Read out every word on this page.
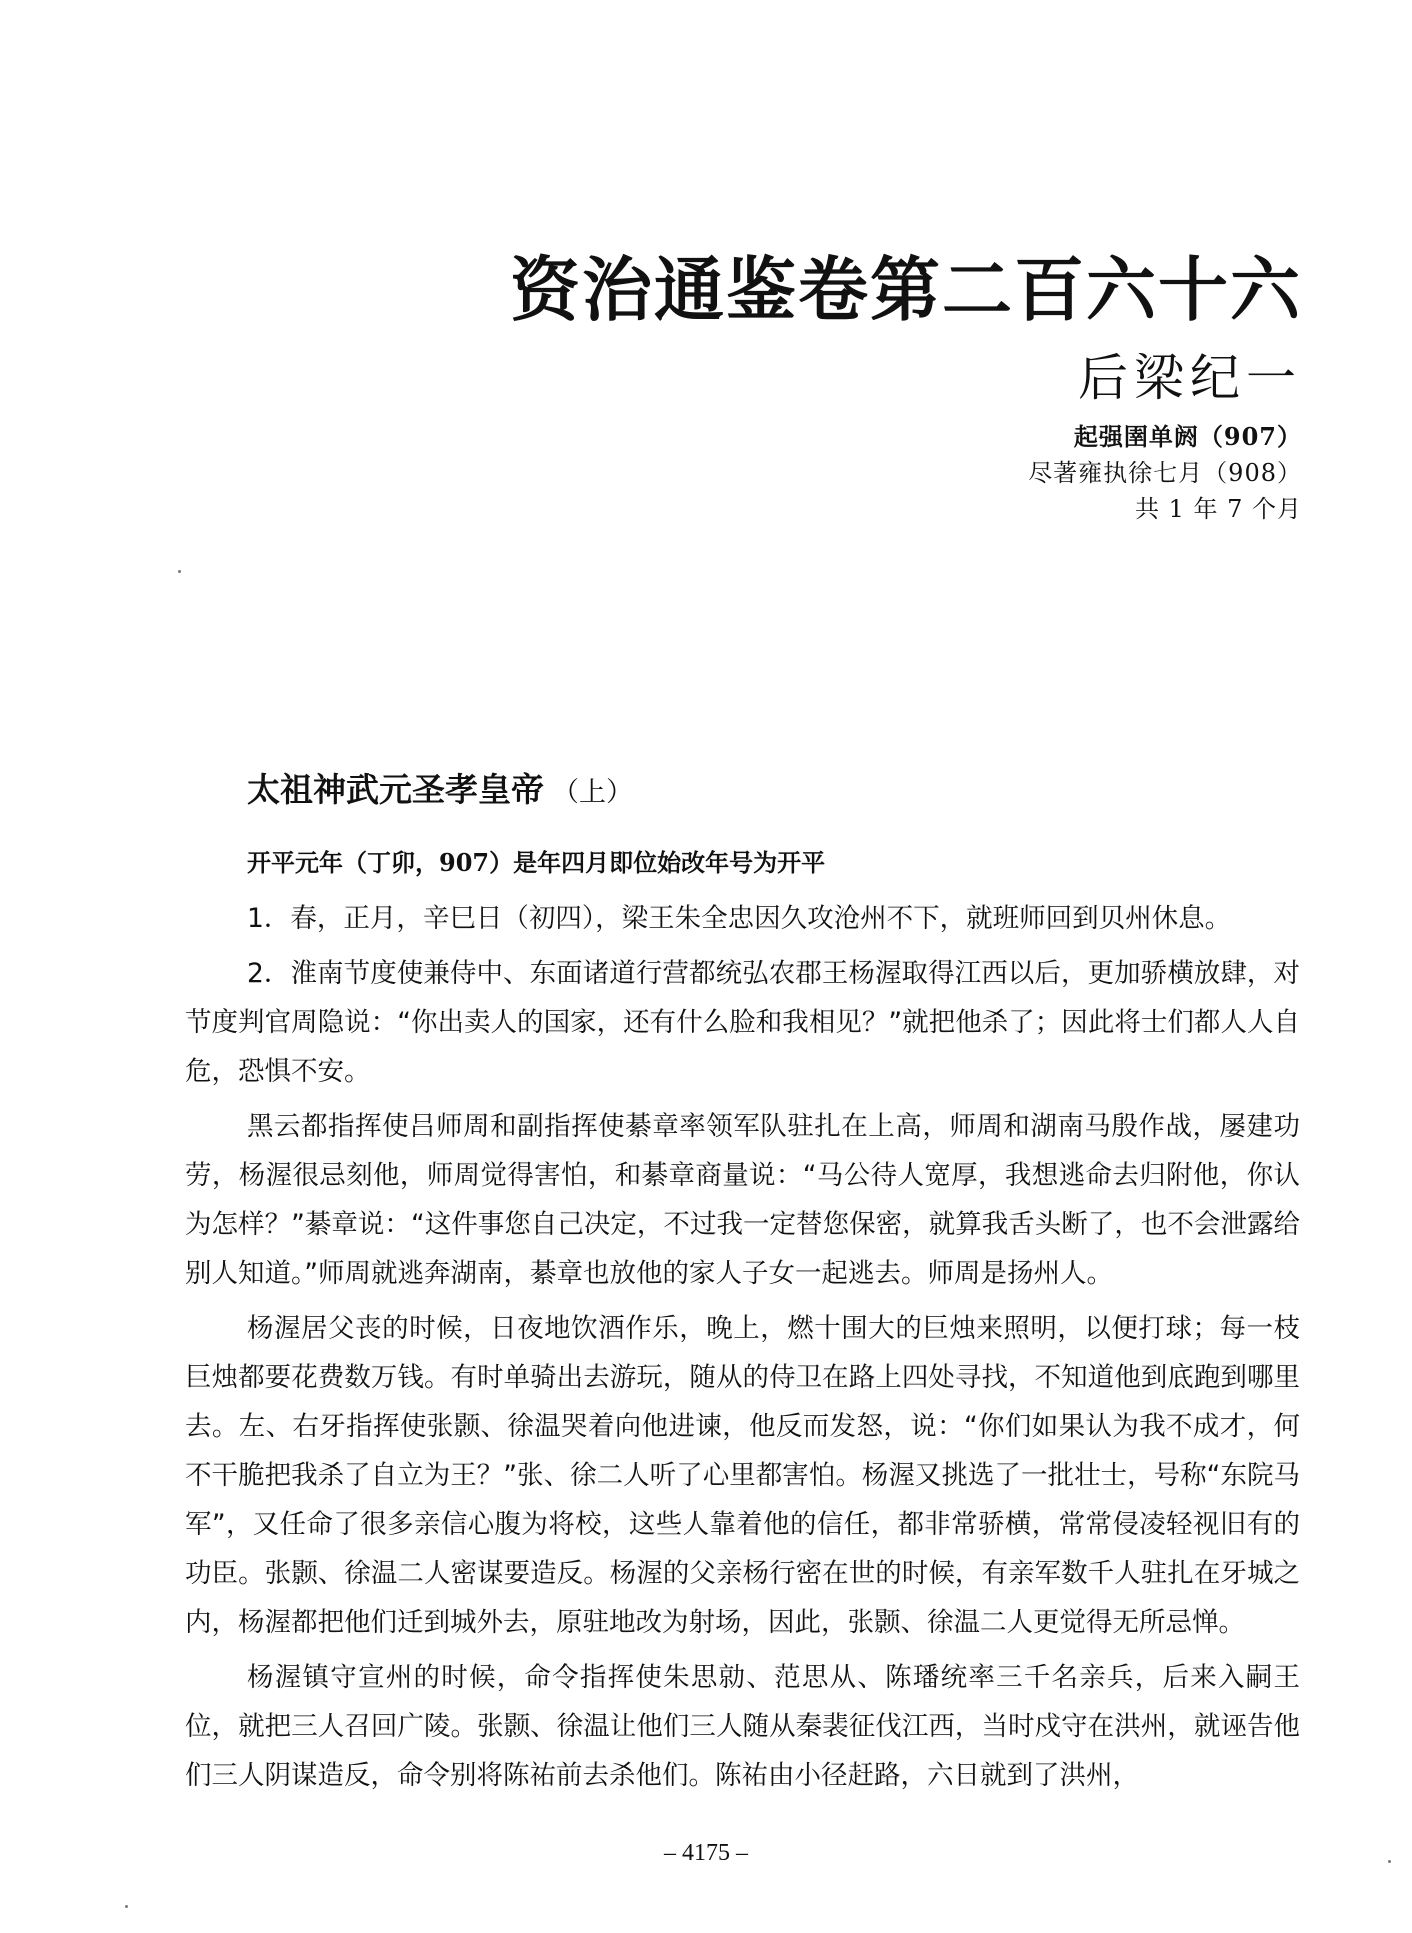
资治通鉴卷第二百六十六
后梁纪一
起强圉单阏（907）
尽著雍执徐七月（908）
共 1 年 7 个月
太祖神武元圣孝皇帝 （上）
开平元年（丁卯，907）是年四月即位始改年号为开平

1．春，正月，辛巳日（初四），梁王朱全忠因久攻沧州不下，就班师回到贝州休息。

2．淮南节度使兼侍中、东面诸道行营都统弘农郡王杨渥取得江西以后，更加骄横放肆，对节度判官周隐说：“你出卖人的国家，还有什么脸和我相见？”就把他杀了；因此将士们都人人自危，恐惧不安。

黑云都指挥使吕师周和副指挥使綦章率领军队驻扎在上高，师周和湖南马殷作战，屡建功劳，杨渥很忌刻他，师周觉得害怕，和綦章商量说：“马公待人宽厚，我想逃命去归附他，你认为怎样？”綦章说：“这件事您自己决定，不过我一定替您保密，就算我舌头断了，也不会泄露给别人知道。”师周就逃奔湖南，綦章也放他的家人子女一起逃去。师周是扬州人。

杨渥居父丧的时候，日夜地饮酒作乐，晚上，燃十围大的巨烛来照明，以便打球；每一枝巨烛都要花费数万钱。有时单骑出去游玩，随从的侍卫在路上四处寻找，不知道他到底跑到哪里去。左、右牙指挥使张颢、徐温哭着向他进谏，他反而发怒，说：“你们如果认为我不成才，何不干脆把我杀了自立为王？”张、徐二人听了心里都害怕。杨渥又挑选了一批壮士，号称“东院马军”，又任命了很多亲信心腹为将校，这些人靠着他的信任，都非常骄横，常常侵凌轻视旧有的功臣。张颢、徐温二人密谋要造反。杨渥的父亲杨行密在世的时候，有亲军数千人驻扎在牙城之内，杨渥都把他们迁到城外去，原驻地改为射场，因此，张颢、徐温二人更觉得无所忌惮。

杨渥镇守宣州的时候，命令指挥使朱思勍、范思从、陈璠统率三千名亲兵，后来入嗣王位，就把三人召回广陵。张颢、徐温让他们三人随从秦裴征伐江西，当时戍守在洪州，就诬告他们三人阴谋造反，命令别将陈祐前去杀他们。陈祐由小径赶路，六日就到了洪州，

– 4175 –
